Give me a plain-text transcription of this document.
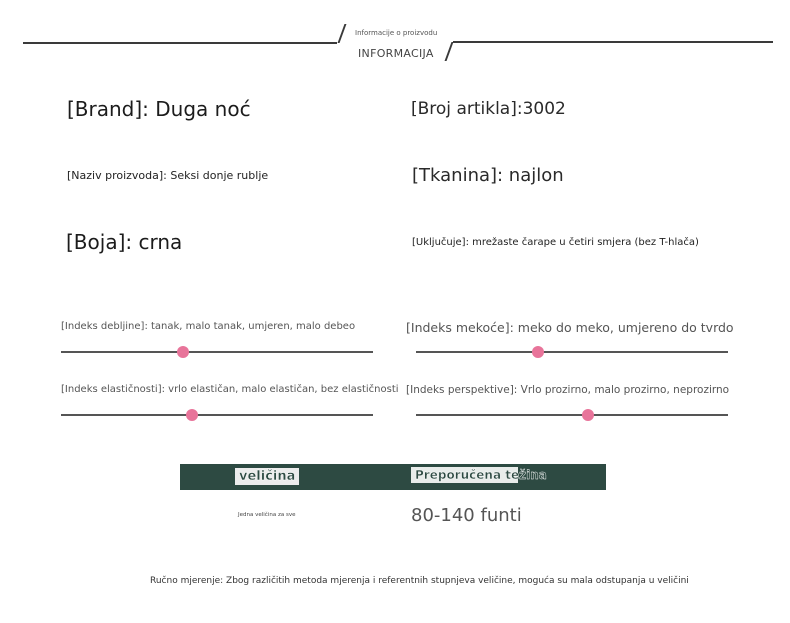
Informacije o proizvodu
INFORMACIJA
[Brand]: Duga noć	[Broj artikla]:3002
[Naziv proizvoda]: Seksi donje rublje	[Tkanina]: najlon
[Boja]: crna	[Uključuje]: mrežaste čarape u četiri smjera (bez T-hlača)
[Indeks debljine]: tanak, malo tanak, umjeren, malo debeo	[Indeks mekoće]: meko do meko, umjereno do tvrdo
[Indeks elastičnosti]: vrlo elastičan, malo elastičan, bez elastičnosti [Indeks perspektive]: Vrlo prozirno, malo prozirno, neprozirno
veličina	Preporučena težina
Jedna veličina za sve	80-140 funti
Ručno mjerenje: Zbog različitih metoda mjerenja i referentnih stupnjeva veličine, moguća su mala odstupanja u veličini
